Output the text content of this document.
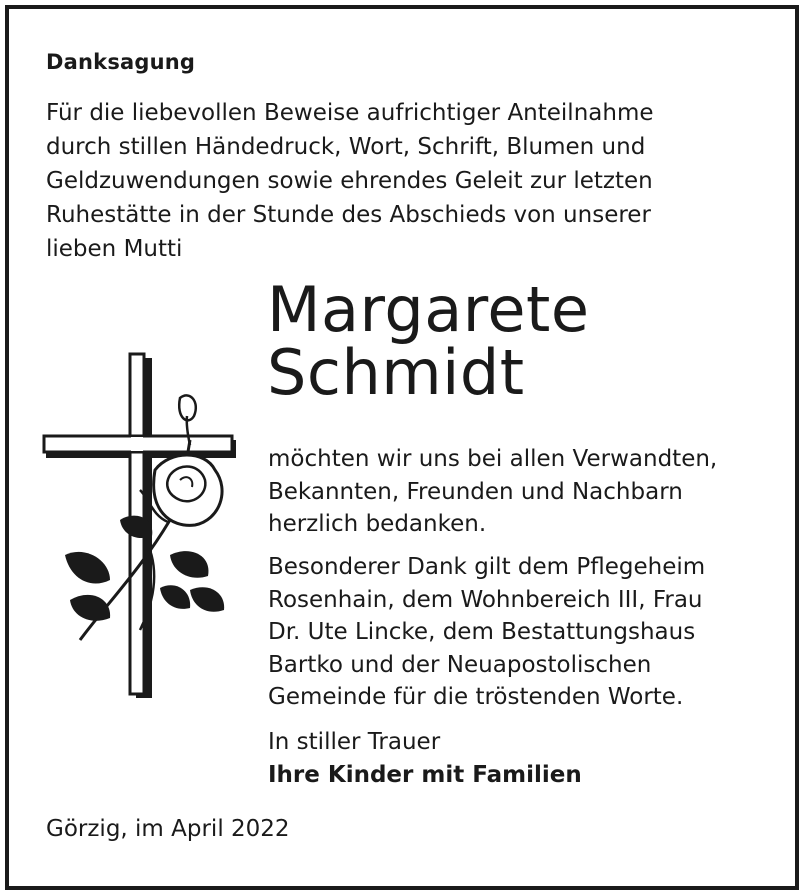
Danksagung
Für die liebevollen Beweise aufrichtiger Anteilnahme
durch stillen Händedruck, Wort, Schrift, Blumen und
Geldzuwendungen sowie ehrendes Geleit zur letzten
Ruhestätte in der Stunde des Abschieds von unserer
lieben Mutti
Margarete
Schmidt
möchten wir uns bei allen Verwandten,
Bekannten, Freunden und Nachbarn
herzlich bedanken.
Besonderer Dank gilt dem Pflegeheim
Rosenhain, dem Wohnbereich III, Frau
Dr. Ute Lincke, dem Bestattungshaus
Bartko und der Neuapostolischen
Gemeinde für die tröstenden Worte.
In stiller Trauer
Ihre Kinder mit Familien
Görzig, im April 2022
